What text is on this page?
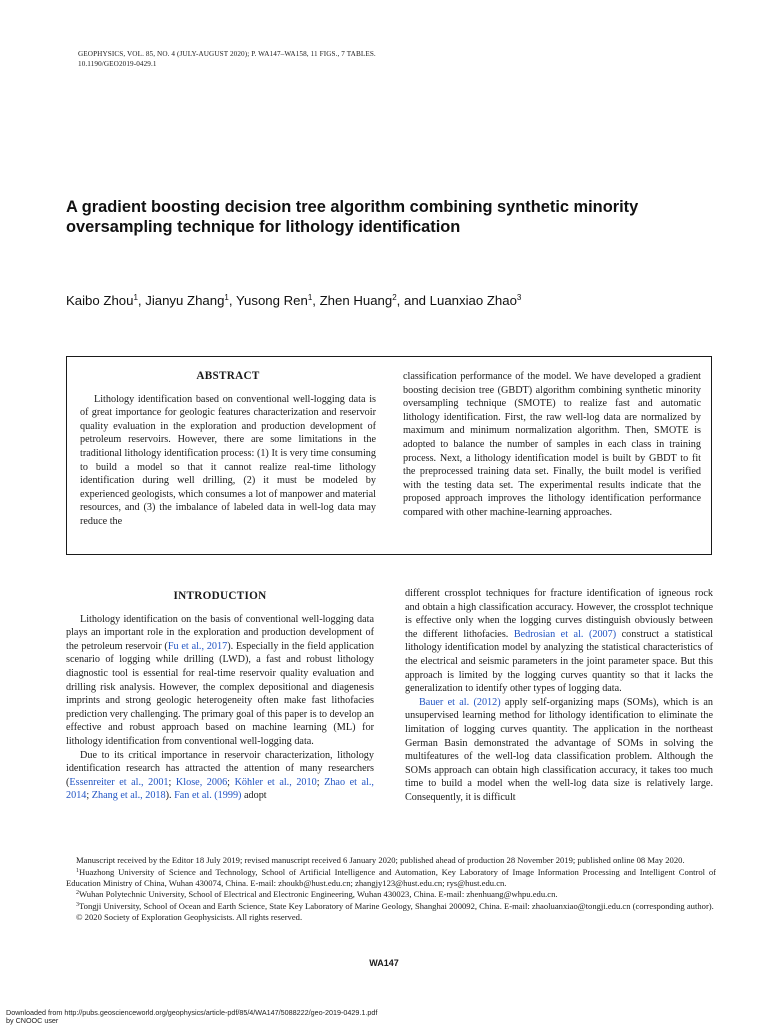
GEOPHYSICS, VOL. 85, NO. 4 (JULY-AUGUST 2020); P. WA147–WA158, 11 FIGS., 7 TABLES.
10.1190/GEO2019-0429.1
A gradient boosting decision tree algorithm combining synthetic minority oversampling technique for lithology identification
Kaibo Zhou$^1$, Jianyu Zhang$^1$, Yusong Ren$^1$, Zhen Huang$^2$, and Luanxiao Zhao$^3$
ABSTRACT

Lithology identification based on conventional well-logging data is of great importance for geologic features characterization and reservoir quality evaluation in the exploration and production development of petroleum reservoirs. However, there are some limitations in the traditional lithology identification process: (1) It is very time consuming to build a model so that it cannot realize real-time lithology identification during well drilling, (2) it must be modeled by experienced geologists, which consumes a lot of manpower and material resources, and (3) the imbalance of labeled data in well-log data may reduce the

classification performance of the model. We have developed a gradient boosting decision tree (GBDT) algorithm combining synthetic minority oversampling technique (SMOTE) to realize fast and automatic lithology identification. First, the raw well-log data are normalized by maximum and minimum normalization algorithm. Then, SMOTE is adopted to balance the number of samples in each class in training process. Next, a lithology identification model is built by GBDT to fit the preprocessed training data set. Finally, the built model is verified with the testing data set. The experimental results indicate that the proposed approach improves the lithology identification performance compared with other machine-learning approaches.

INTRODUCTION

Lithology identification on the basis of conventional well-logging data plays an important role in the exploration and production development of the petroleum reservoir (Fu et al., 2017). Especially in the field application scenario of logging while drilling (LWD), a fast and robust lithology diagnostic tool is essential for real-time reservoir quality evaluation and drilling risk analysis. However, the complex depositional and diagenesis imprints and strong geologic heterogeneity often make fast lithofacies prediction very challenging. The primary goal of this paper is to develop an effective and robust approach based on machine learning (ML) for lithology identification from conventional well-logging data.

Due to its critical importance in reservoir characterization, lithology identification research has attracted the attention of many researchers (Essenreiter et al., 2001; Klose, 2006; Köhler et al., 2010; Zhao et al., 2014; Zhang et al., 2018). Fan et al. (1999) adopt

different crossplot techniques for fracture identification of igneous rock and obtain a high classification accuracy. However, the crossplot technique is effective only when the logging curves distinguish obviously between the different lithofacies. Bedrosian et al. (2007) construct a statistical lithology identification model by analyzing the statistical characteristics of the electrical and seismic parameters in the joint parameter space. But this approach is limited by the logging curves quantity so that it lacks the generalization to identify other types of logging data.

Bauer et al. (2012) apply self-organizing maps (SOMs), which is an unsupervised learning method for lithology identification to eliminate the limitation of logging curves quantity. The application in the northeast German Basin demonstrated the advantage of SOMs in solving the multifeatures of the well-log data classification problem. Although the SOMs approach can obtain high classification accuracy, it takes too much time to build a model when the well-log data size is relatively large. Consequently, it is difficult

Manuscript received by the Editor 18 July 2019; revised manuscript received 6 January 2020; published ahead of production 28 November 2019; published online 08 May 2020.

$^1$Huazhong University of Science and Technology, School of Artificial Intelligence and Automation, Key Laboratory of Image Information Processing and Intelligent Control of Education Ministry of China, Wuhan 430074, China. E-mail: zhoukb@hust.edu.cn; zhangjy123@hust.edu.cn; rys@hust.edu.cn.

$^2$Wuhan Polytechnic University, School of Electrical and Electronic Engineering, Wuhan 430023, China. E-mail: zhenhuang@whpu.edu.cn.

$^3$Tongji University, School of Ocean and Earth Science, State Key Laboratory of Marine Geology, Shanghai 200092, China. E-mail: zhaoluanxiao@tongji.edu.cn (corresponding author).

© 2020 Society of Exploration Geophysicists. All rights reserved.

WA147
Downloaded from http://pubs.geoscienceworld.org/geophysics/article-pdf/85/4/WA147/5088222/geo-2019-0429.1.pdf
by CNOOC user
